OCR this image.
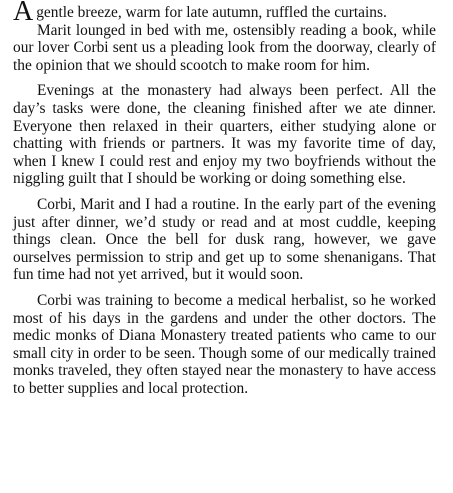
Agentle breeze, warm for late autumn, ruffled the curtains.
Marit lounged in bed with me, ostensibly reading a book, while our lover Corbi sent us a pleading look from the doorway, clearly of the opinion that we should scootch to make room for him.

Evenings at the monastery had always been perfect. All the day’s tasks were done, the cleaning finished after we ate dinner. Everyone then relaxed in their quarters, either studying alone or chatting with friends or partners. It was my favorite time of day, when I knew I could rest and enjoy my two boyfriends without the niggling guilt that I should be working or doing something else.

Corbi, Marit and I had a routine. In the early part of the evening just after dinner, we’d study or read and at most cuddle, keeping things clean. Once the bell for dusk rang, however, we gave ourselves permission to strip and get up to some shenanigans. That fun time had not yet arrived, but it would soon.

Corbi was training to become a medical herbalist, so he worked most of his days in the gardens and under the other doctors. The medic monks of Diana Monastery treated patients who came to our small city in order to be seen. Though some of our medically trained monks traveled, they often stayed near the monastery to have access to better supplies and local protection.
